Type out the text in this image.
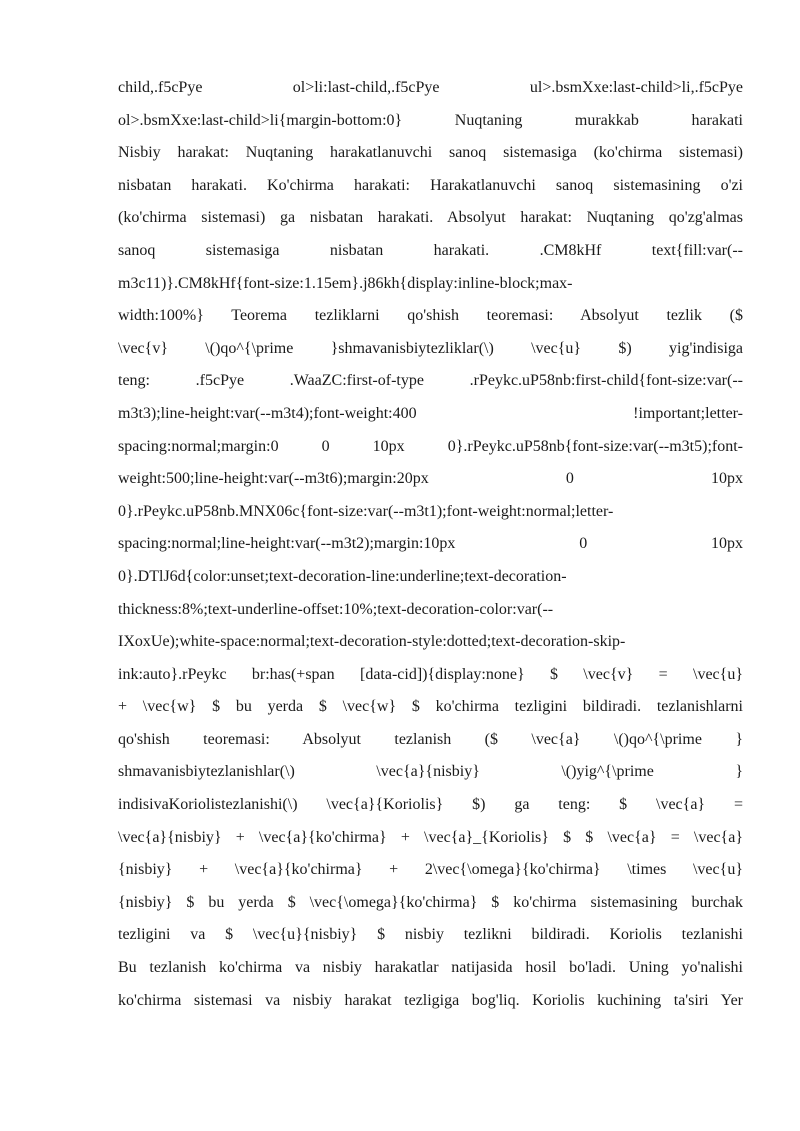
child,.f5cPye ol>li:last-child,.f5cPye ul>.bsmXxe:last-child>li,.f5cPye
ol>.bsmXxe:last-child>li{margin-bottom:0} Nuqtaning murakkab harakati
Nisbiy harakat: Nuqtaning harakatlanuvchi sanoq sistemasiga (ko'chirma sistemasi)
nisbatan harakati. Ko'chirma harakati: Harakatlanuvchi sanoq sistemasining o'zi
(ko'chirma sistemasi) ga nisbatan harakati. Absolyut harakat: Nuqtaning qo'zg'almas
sanoq sistemasiga nisbatan harakati. .CM8kHf text{fill:var(--
m3c11)}.CM8kHf{font-size:1.15em}.j86kh{display:inline-block;max-
width:100%} Teorema tezliklarni qo'shish teoremasi: Absolyut tezlik ($
\vec{v} \()qo^{\prime }shmavanisbiytezliklar(\) \vec{u} $) yig'indisiga
teng: .f5cPye .WaaZC:first-of-type .rPeykc.uP58nb:first-child{font-size:var(--
m3t3);line-height:var(--m3t4);font-weight:400 !important;letter-
spacing:normal;margin:0 0 10px 0}.rPeykc.uP58nb{font-size:var(--m3t5);font-
weight:500;line-height:var(--m3t6);margin:20px 0 10px
0}.rPeykc.uP58nb.MNX06c{font-size:var(--m3t1);font-weight:normal;letter-
spacing:normal;line-height:var(--m3t2);margin:10px 0 10px
0}.DTlJ6d{color:unset;text-decoration-line:underline;text-decoration-
thickness:8%;text-underline-offset:10%;text-decoration-color:var(--
IXoxUe);white-space:normal;text-decoration-style:dotted;text-decoration-skip-
ink:auto}.rPeykc br:has(+span [data-cid]){display:none} $ \vec{v} = \vec{u}
+ \vec{w} $ bu yerda $ \vec{w} $ ko'chirma tezligini bildiradi. tezlanishlarni
qo'shish teoremasi: Absolyut tezlanish ($ \vec{a} \()qo^{\prime }
shmavanisbiytezlanishlar(\) \vec{a}{nisbiy} \()yig^{\prime }
indisivaKoriolistezlanishi(\) \vec{a}{Koriolis} $) ga teng: $ \vec{a} =
\vec{a}{nisbiy} + \vec{a}{ko'chirma} + \vec{a}_{Koriolis} $ $ \vec{a} = \vec{a}
{nisbiy} + \vec{a}{ko'chirma} + 2\vec{\omega}{ko'chirma} \times \vec{u}
{nisbiy} $ bu yerda $ \vec{\omega}{ko'chirma} $ ko'chirma sistemasining burchak
tezligini va $ \vec{u}{nisbiy} $ nisbiy tezlikni bildiradi. Koriolis tezlanishi
Bu tezlanish ko'chirma va nisbiy harakatlar natijasida hosil bo'ladi. Uning yo'nalishi
ko'chirma sistemasi va nisbiy harakat tezligiga bog'liq. Koriolis kuchining ta'siri Yer
